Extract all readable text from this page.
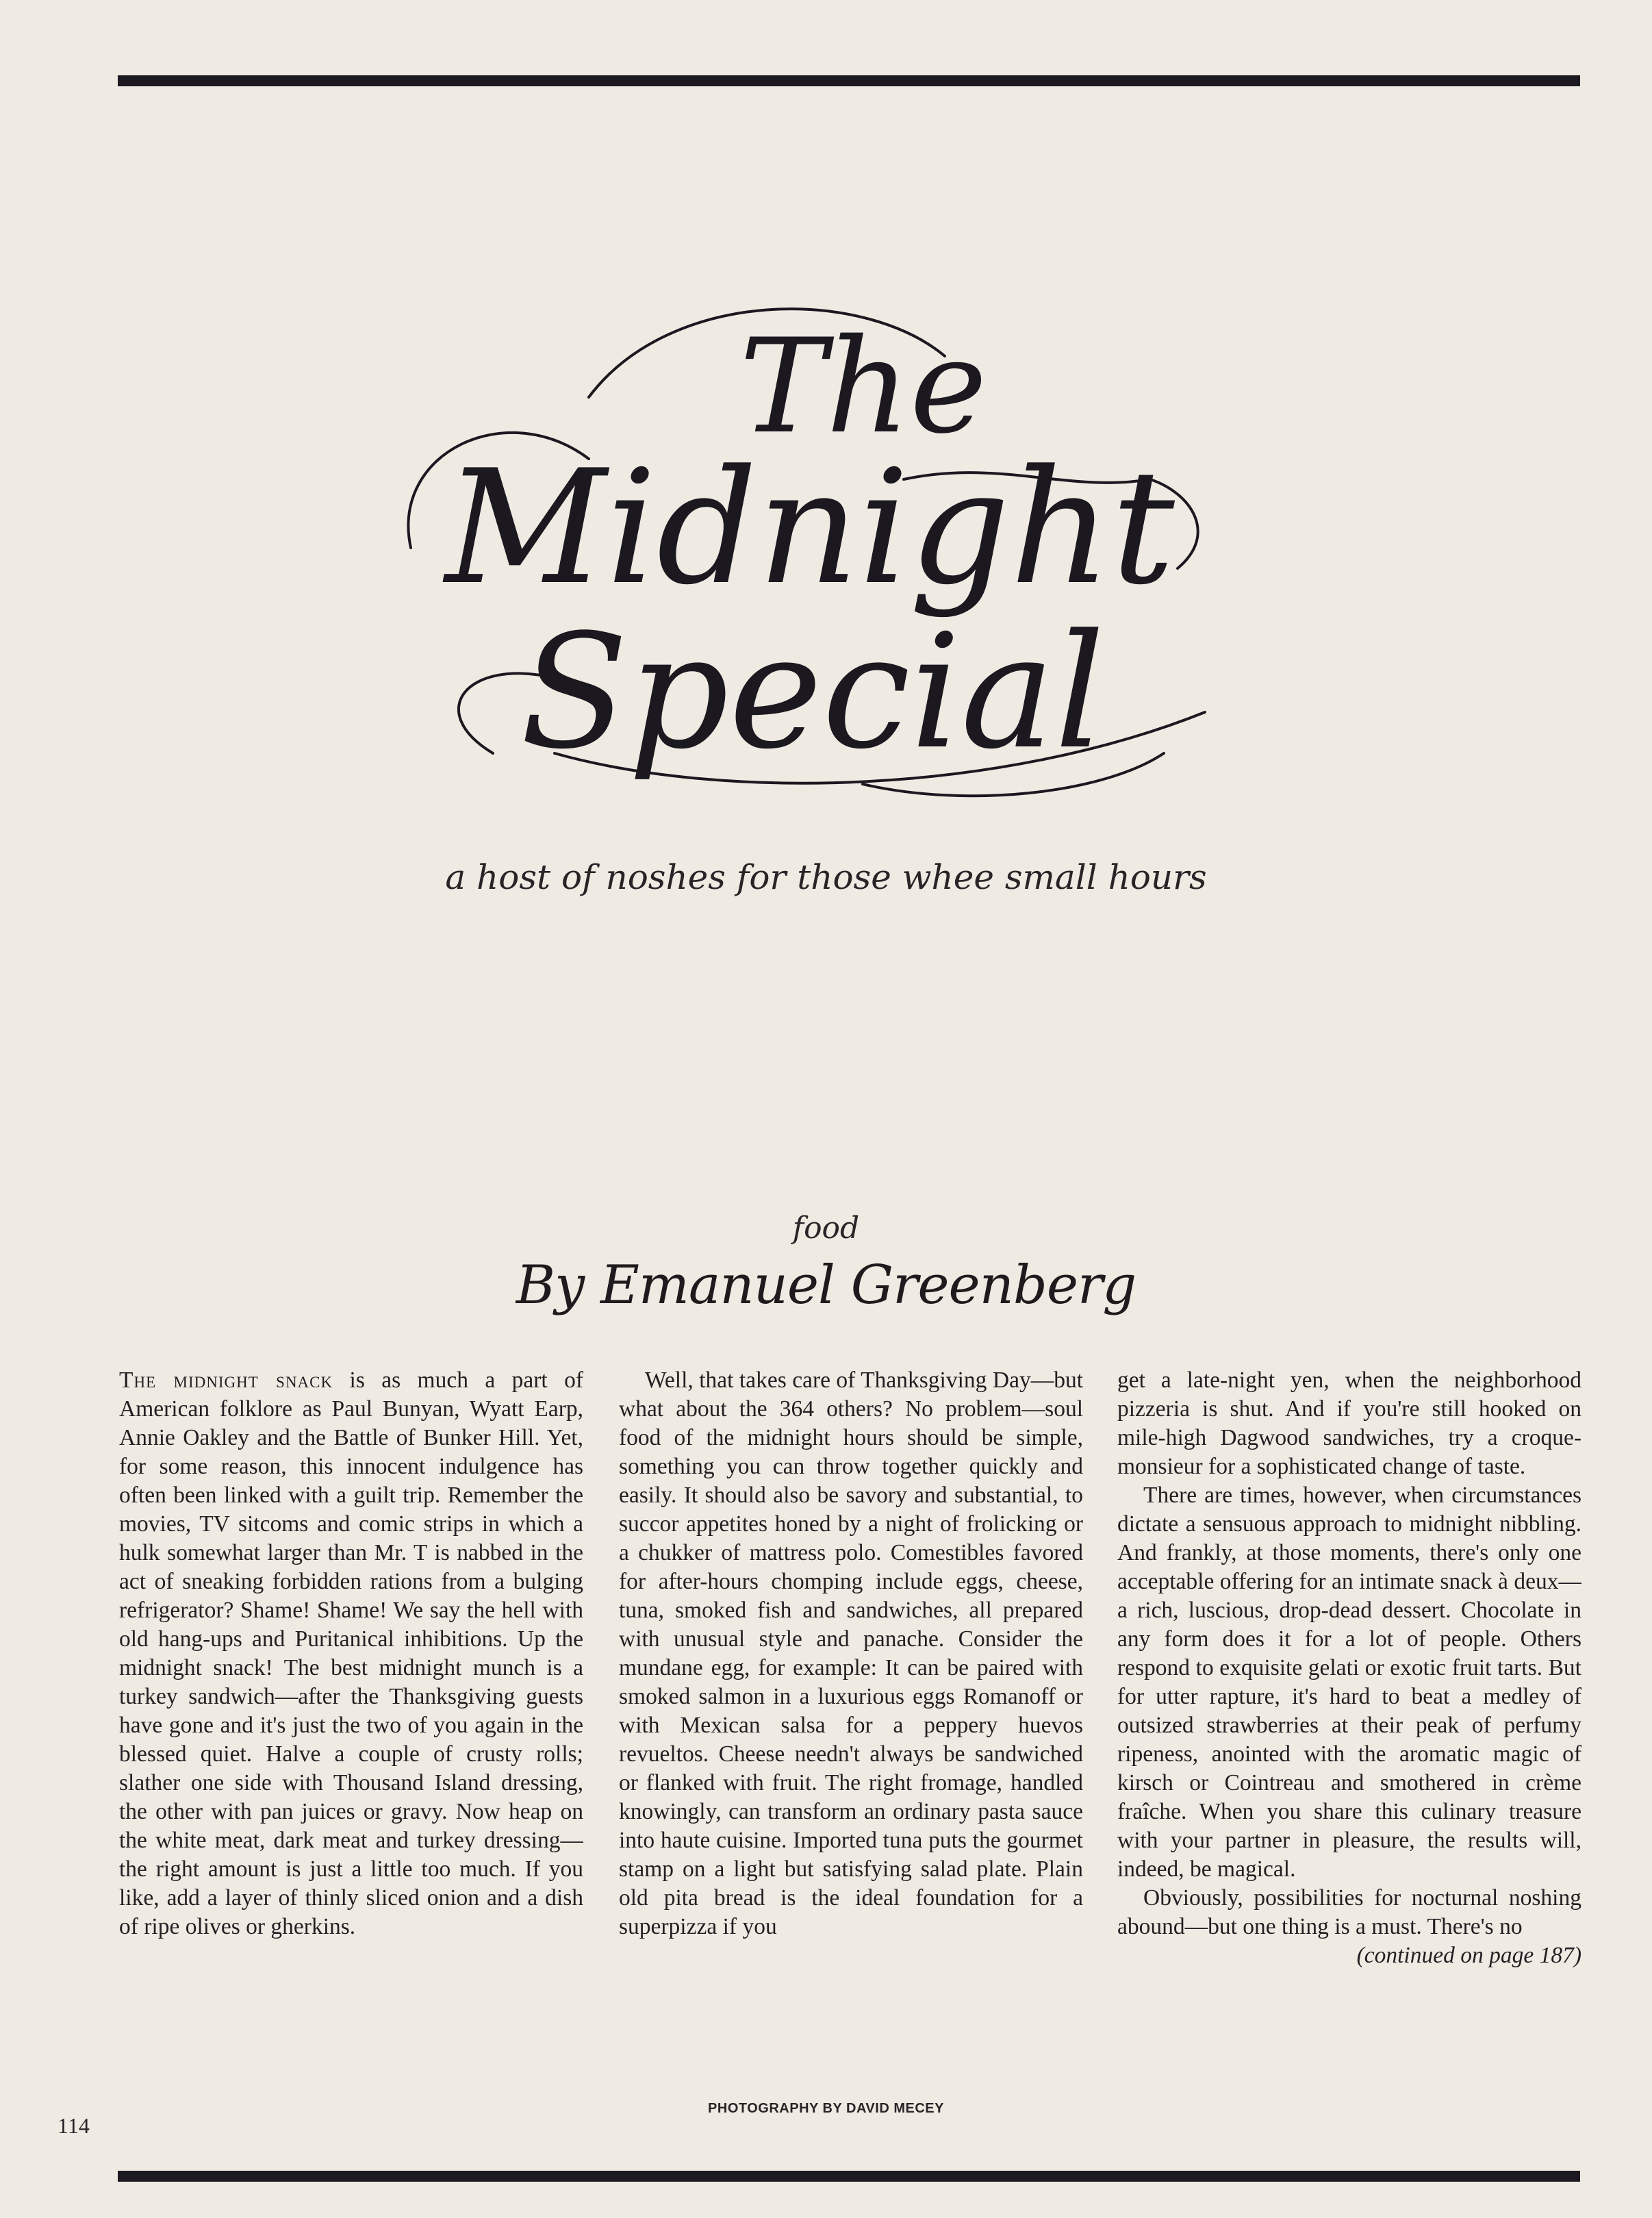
The
Midnight
Special
a host of noshes for those whee small hours
food
By Emanuel Greenberg

The midnight snack is as much a part of American folklore as Paul Bunyan, Wyatt Earp, Annie Oakley and the Battle of Bunker Hill. Yet, for some reason, this innocent indulgence has often been linked with a guilt trip. Remember the movies, TV sitcoms and comic strips in which a hulk somewhat larger than Mr. T is nabbed in the act of sneaking forbidden rations from a bulging refrigerator? Shame! Shame! We say the hell with old hang-ups and Puritanical inhibitions. Up the midnight snack! The best midnight munch is a turkey sandwich—after the Thanksgiving guests have gone and it's just the two of you again in the blessed quiet. Halve a couple of crusty rolls; slather one side with Thousand Island dressing, the other with pan juices or gravy. Now heap on the white meat, dark meat and turkey dressing—the right amount is just a little too much. If you like, add a layer of thinly sliced onion and a dish of ripe olives or gherkins.

Well, that takes care of Thanksgiving Day—but what about the 364 others? No problem—soul food of the midnight hours should be simple, something you can throw together quickly and easily. It should also be savory and substantial, to succor appetites honed by a night of frolicking or a chukker of mattress polo. Comestibles favored for after-hours chomping include eggs, cheese, tuna, smoked fish and sandwiches, all prepared with unusual style and panache. Consider the mundane egg, for example: It can be paired with smoked salmon in a luxurious eggs Romanoff or with Mexican salsa for a peppery huevos revueltos. Cheese needn't always be sandwiched or flanked with fruit. The right fromage, handled knowingly, can transform an ordinary pasta sauce into haute cuisine. Imported tuna puts the gourmet stamp on a light but satisfying salad plate. Plain old pita bread is the ideal foundation for a superpizza if you

get a late-night yen, when the neighborhood pizzeria is shut. And if you're still hooked on mile-high Dagwood sandwiches, try a croque-monsieur for a sophisticated change of taste.

There are times, however, when circumstances dictate a sensuous approach to midnight nibbling. And frankly, at those moments, there's only one acceptable offering for an intimate snack à deux—a rich, luscious, drop-dead dessert. Chocolate in any form does it for a lot of people. Others respond to exquisite gelati or exotic fruit tarts. But for utter rapture, it's hard to beat a medley of outsized strawberries at their peak of perfumy ripeness, anointed with the aromatic magic of kirsch or Cointreau and smothered in crème fraîche. When you share this culinary treasure with your partner in pleasure, the results will, indeed, be magical.

Obviously, possibilities for nocturnal noshing abound—but one thing is a must. There's no
(continued on page 187)

PHOTOGRAPHY BY DAVID MECEY
114
